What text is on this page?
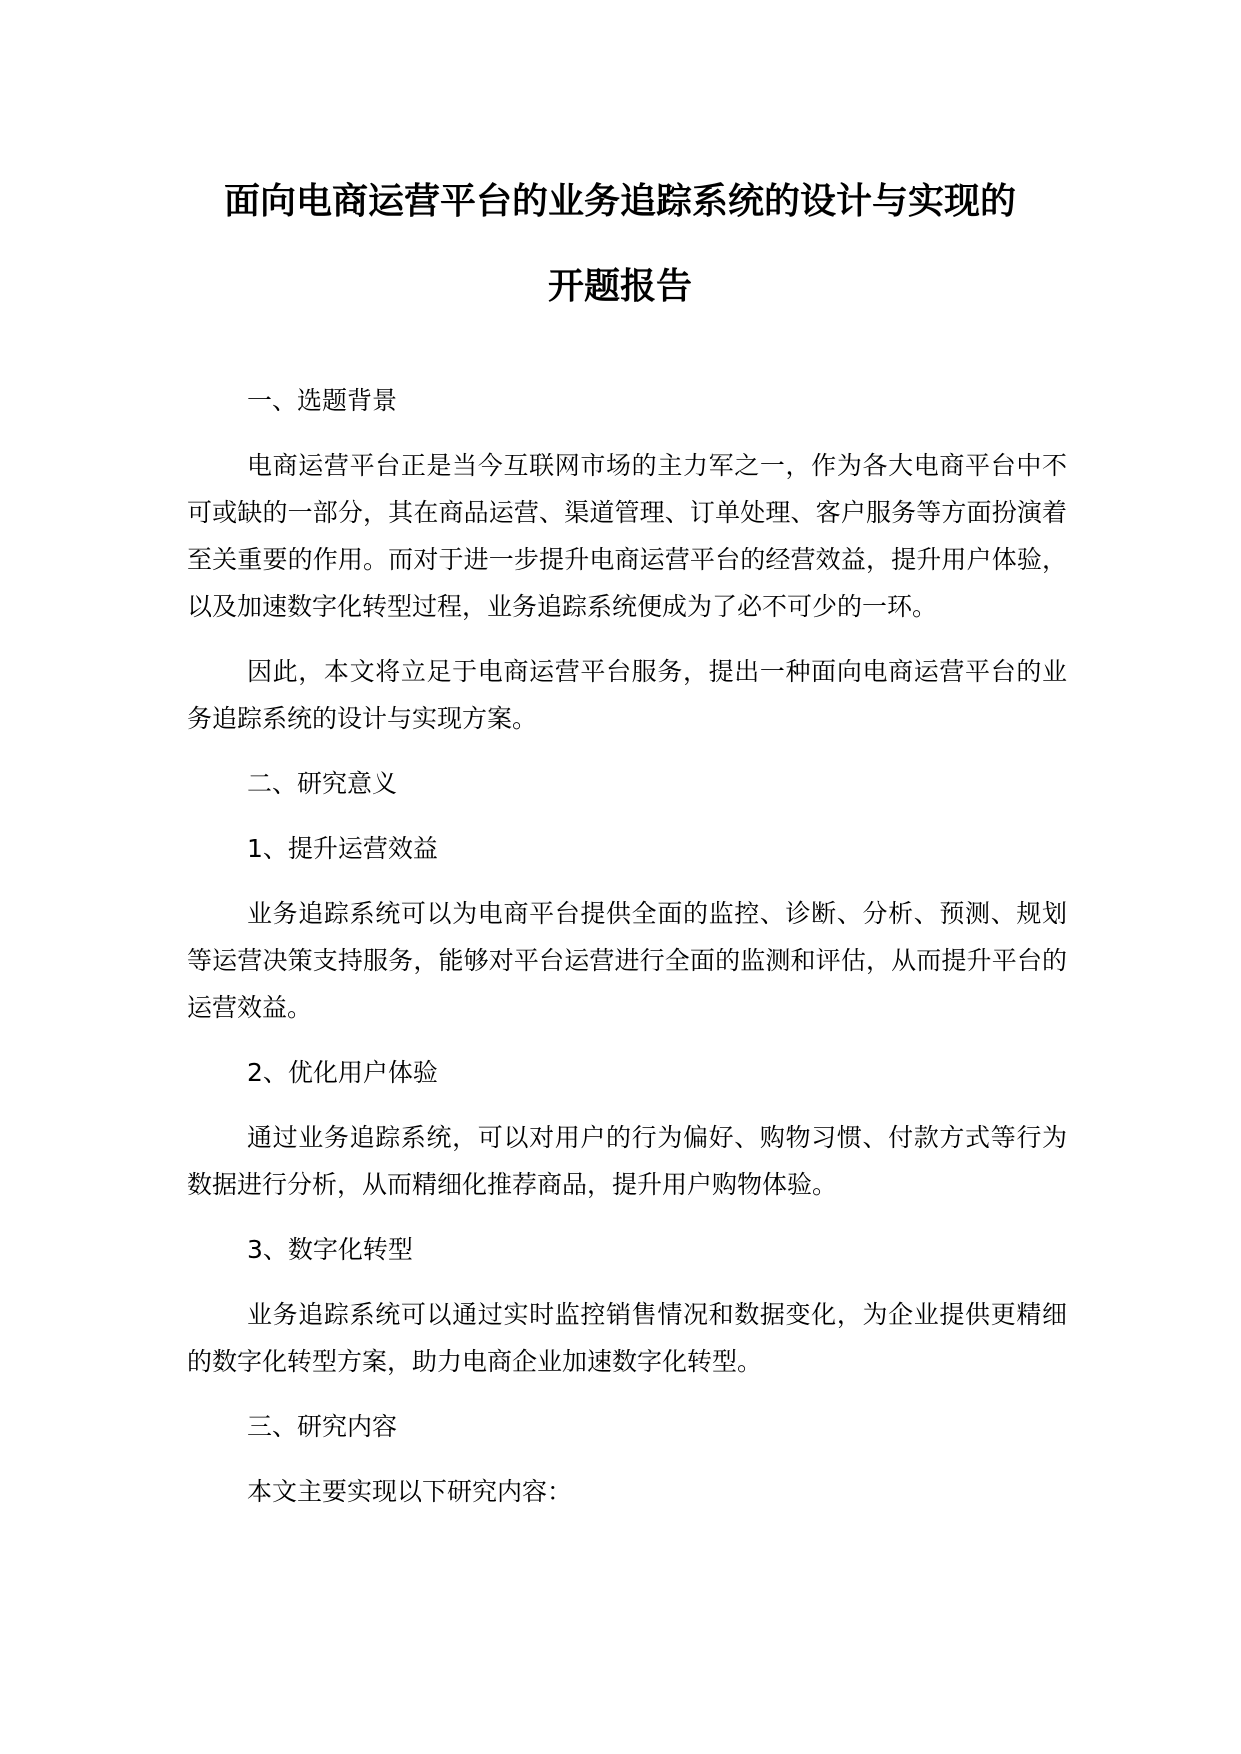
面向电商运营平台的业务追踪系统的设计与实现的
开题报告

一、选题背景

电商运营平台正是当今互联网市场的主力军之一，作为各大电商平台中不可或缺的一部分，其在商品运营、渠道管理、订单处理、客户服务等方面扮演着至关重要的作用。而对于进一步提升电商运营平台的经营效益，提升用户体验，以及加速数字化转型过程，业务追踪系统便成为了必不可少的一环。

因此，本文将立足于电商运营平台服务，提出一种面向电商运营平台的业务追踪系统的设计与实现方案。

二、研究意义

1、提升运营效益

业务追踪系统可以为电商平台提供全面的监控、诊断、分析、预测、规划等运营决策支持服务，能够对平台运营进行全面的监测和评估，从而提升平台的运营效益。

2、优化用户体验

通过业务追踪系统，可以对用户的行为偏好、购物习惯、付款方式等行为数据进行分析，从而精细化推荐商品，提升用户购物体验。

3、数字化转型

业务追踪系统可以通过实时监控销售情况和数据变化，为企业提供更精细的数字化转型方案，助力电商企业加速数字化转型。

三、研究内容

本文主要实现以下研究内容：
